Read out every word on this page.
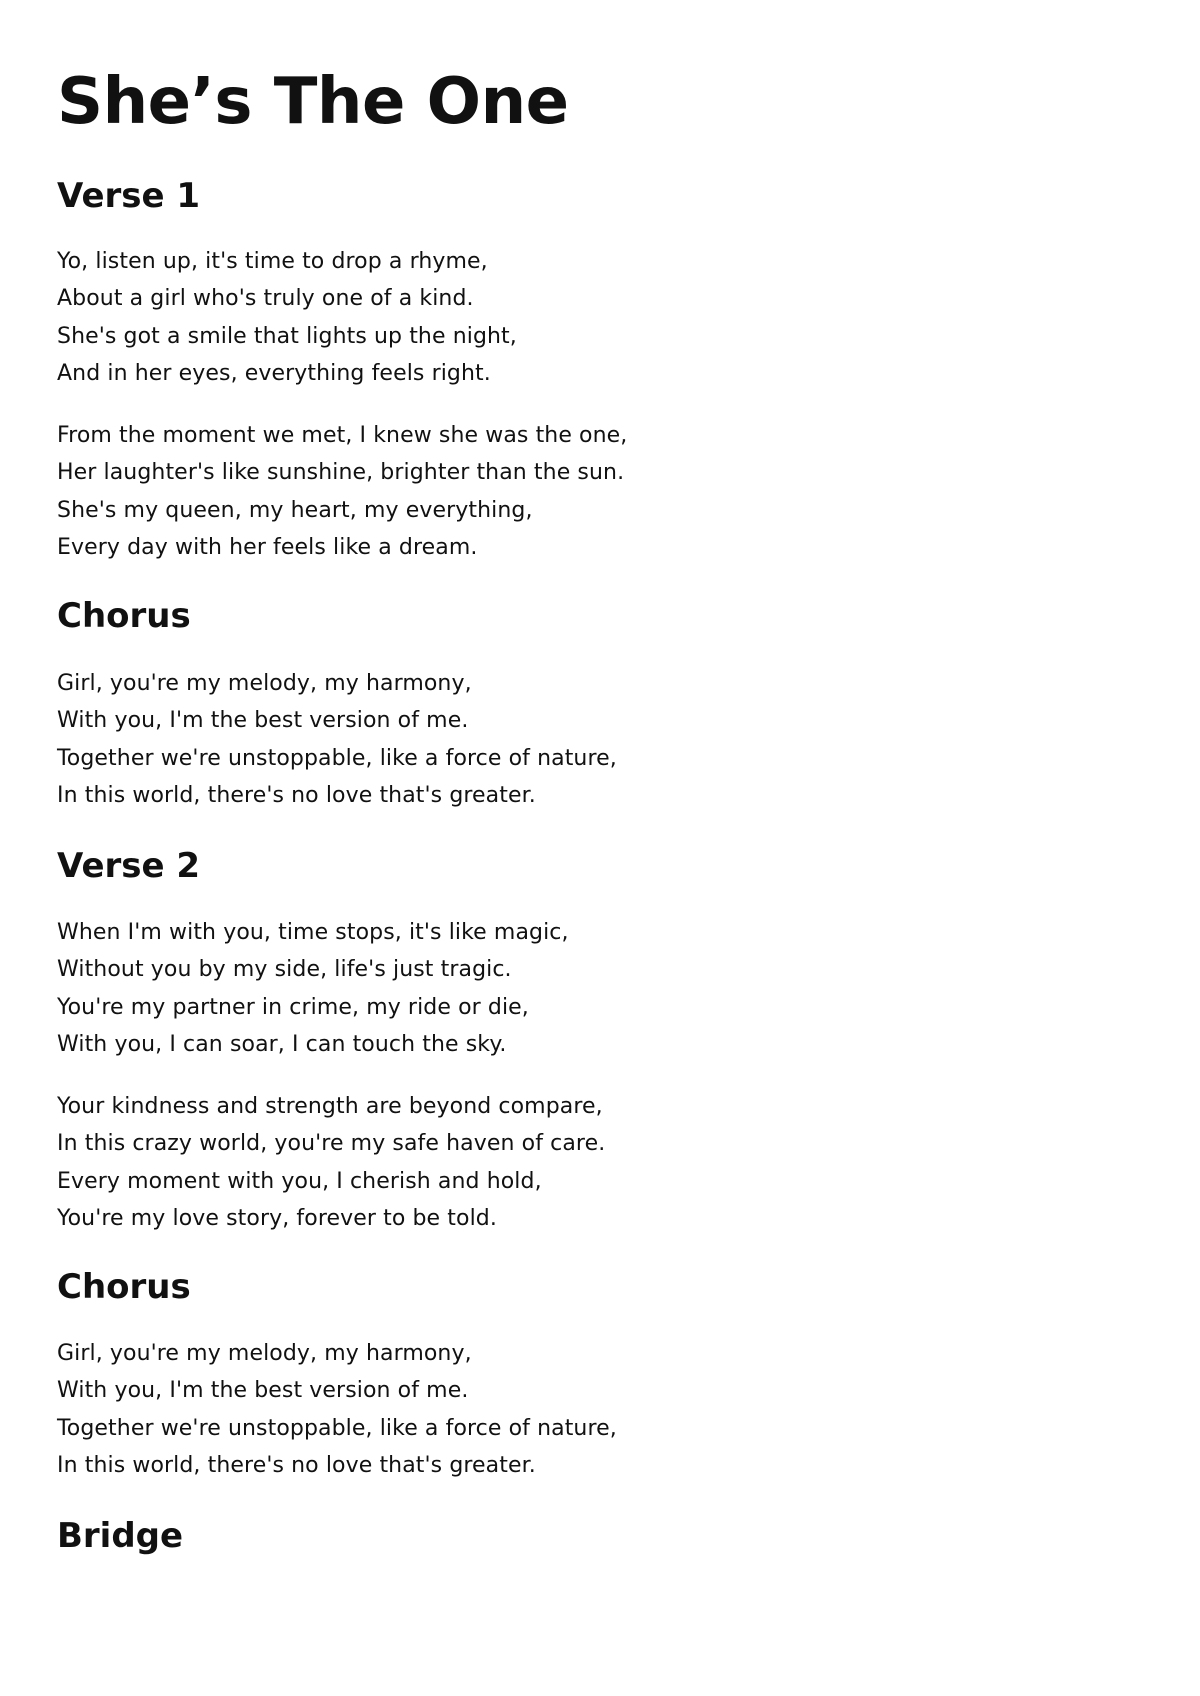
She’s The One
Verse 1
Yo, listen up, it's time to drop a rhyme,
About a girl who's truly one of a kind.
She's got a smile that lights up the night,
And in her eyes, everything feels right.
From the moment we met, I knew she was the one,
Her laughter's like sunshine, brighter than the sun.
She's my queen, my heart, my everything,
Every day with her feels like a dream.
Chorus
Girl, you're my melody, my harmony,
With you, I'm the best version of me.
Together we're unstoppable, like a force of nature,
In this world, there's no love that's greater.
Verse 2
When I'm with you, time stops, it's like magic,
Without you by my side, life's just tragic.
You're my partner in crime, my ride or die,
With you, I can soar, I can touch the sky.
Your kindness and strength are beyond compare,
In this crazy world, you're my safe haven of care.
Every moment with you, I cherish and hold,
You're my love story, forever to be told.
Chorus
Girl, you're my melody, my harmony,
With you, I'm the best version of me.
Together we're unstoppable, like a force of nature,
In this world, there's no love that's greater.
Bridge
